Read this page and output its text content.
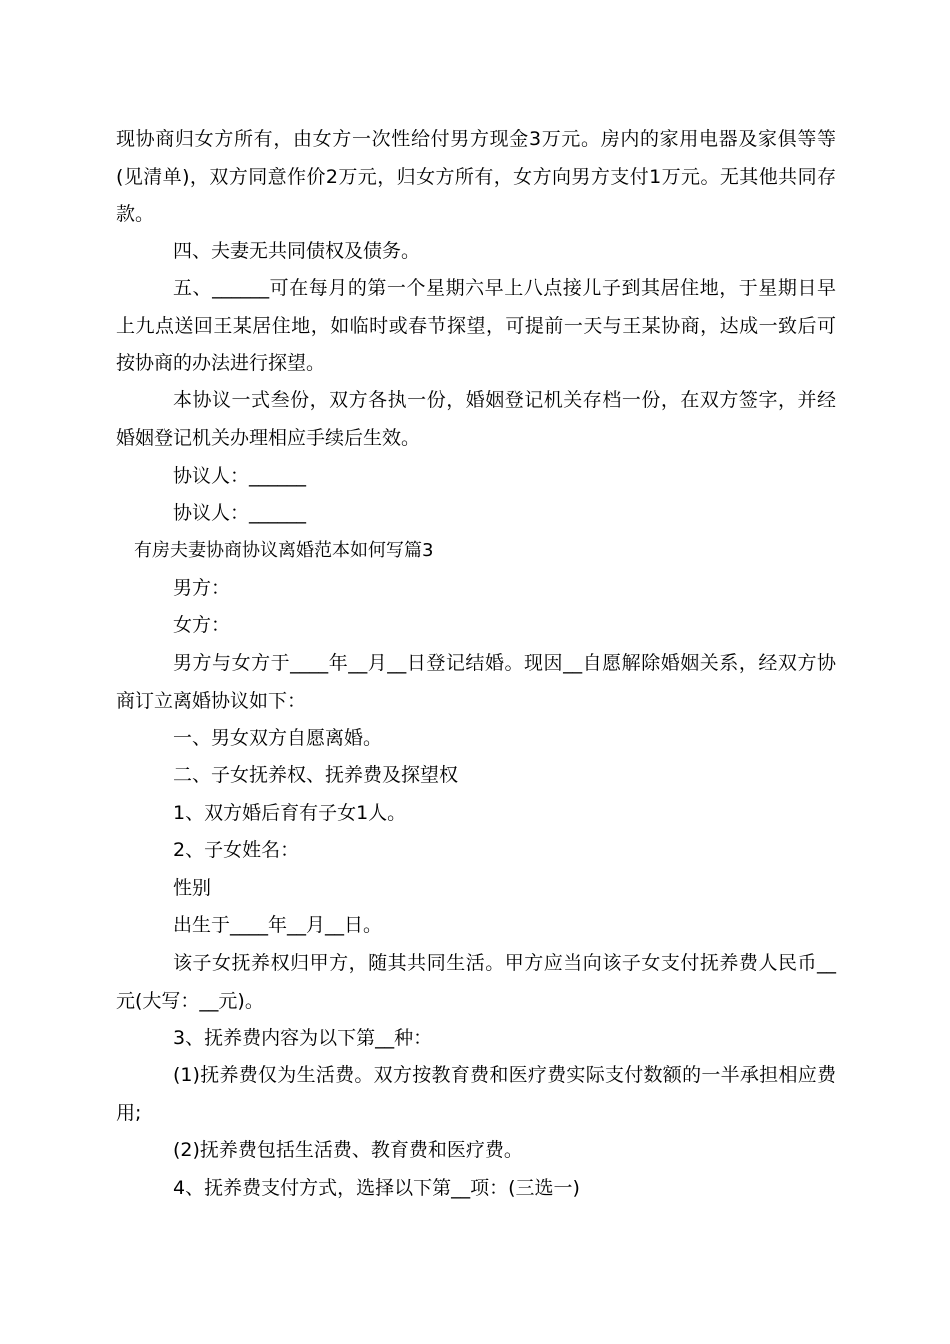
现协商归女方所有，由女方一次性给付男方现金3万元。房内的家用电器及家俱等等(见清单)，双方同意作价2万元，归女方所有，女方向男方支付1万元。无其他共同存款。

四、夫妻无共同债权及债务。

五、______可在每月的第一个星期六早上八点接儿子到其居住地，于星期日早上九点送回王某居住地，如临时或春节探望，可提前一天与王某协商，达成一致后可按协商的办法进行探望。

本协议一式叁份，双方各执一份，婚姻登记机关存档一份，在双方签字，并经婚姻登记机关办理相应手续后生效。

协议人：______

协议人：______

有房夫妻协商协议离婚范本如何写篇3

男方：

女方：

男方与女方于____年__月__日登记结婚。现因__自愿解除婚姻关系，经双方协商订立离婚协议如下：

一、男女双方自愿离婚。

二、子女抚养权、抚养费及探望权

1、双方婚后育有子女1人。

2、子女姓名：

性别

出生于____年__月__日。

该子女抚养权归甲方，随其共同生活。甲方应当向该子女支付抚养费人民币__元(大写：__元)。

3、抚养费内容为以下第__种：

(1)抚养费仅为生活费。双方按教育费和医疗费实际支付数额的一半承担相应费用;

(2)抚养费包括生活费、教育费和医疗费。

4、抚养费支付方式，选择以下第__项：(三选一)
